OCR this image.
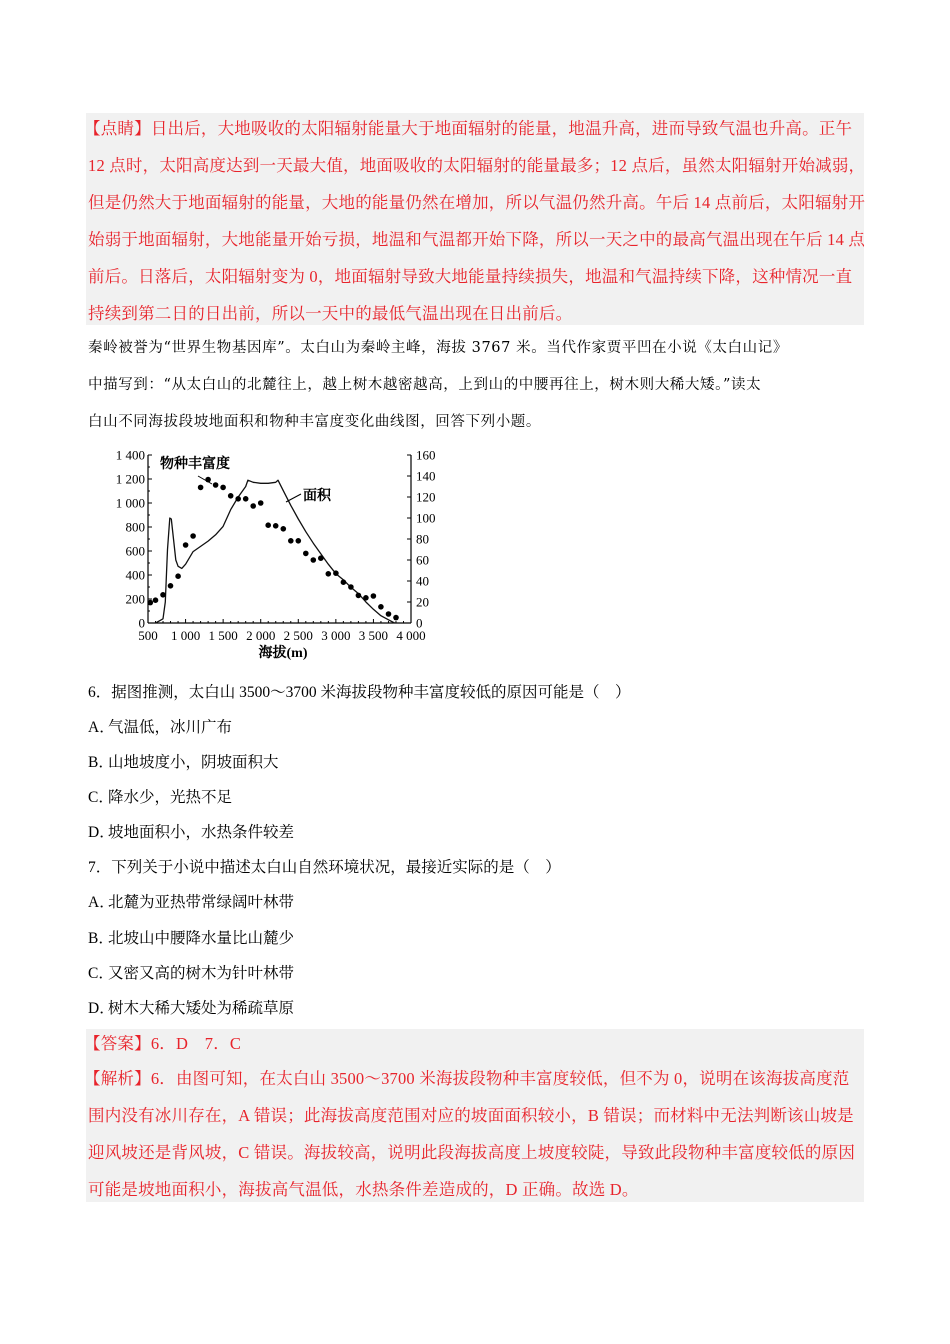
【点睛】日出后，大地吸收的太阳辐射能量大于地面辐射的能量，地温升高，进而导致气温也升高。正午
12 点时，太阳高度达到一天最大值，地面吸收的太阳辐射的能量最多；12 点后，虽然太阳辐射开始减弱，
但是仍然大于地面辐射的能量，大地的能量仍然在增加，所以气温仍然升高。午后 14 点前后，太阳辐射开
始弱于地面辐射，大地能量开始亏损，地温和气温都开始下降，所以一天之中的最高气温出现在午后 14 点
前后。日落后，太阳辐射变为 0，地面辐射导致大地能量持续损失，地温和气温持续下降，这种情况一直
持续到第二日的日出前，所以一天中的最低气温出现在日出前后。
秦岭被誉为“世界生物基因库”。太白山为秦岭主峰，海拔 3767 米。当代作家贾平凹在小说《太白山记》
中描写到：“从太白山的北麓往上，越上树木越密越高，上到山的中腰再往上，树木则大稀大矮。”读太
白山不同海拔段坡地面积和物种丰富度变化曲线图，回答下列小题。
0
200
400
600
800
1 000
1 200
1 400
0
20
40
60
80
100
120
140
160
500 1 000 1 500 2 000 2 500 3 000 3 500 4 000
海拔(m)
物种丰富度
面积
6．据图推测，太白山 3500～3700 米海拔段物种丰富度较低的原因可能是（　）
A．气温低，冰川广布
B．山地坡度小，阴坡面积大
C．降水少，光热不足
D．坡地面积小，水热条件较差
7．下列关于小说中描述太白山自然环境状况，最接近实际的是（　）
A．北麓为亚热带常绿阔叶林带
B．北坡山中腰降水量比山麓少
C．又密又高的树木为针叶林带
D．树木大稀大矮处为稀疏草原
【答案】6．D　7．C
【解析】6．由图可知，在太白山 3500～3700 米海拔段物种丰富度较低，但不为 0，说明在该海拔高度范
围内没有冰川存在，A 错误；此海拔高度范围对应的坡面面积较小，B 错误；而材料中无法判断该山坡是
迎风坡还是背风坡，C 错误。海拔较高，说明此段海拔高度上坡度较陡，导致此段物种丰富度较低的原因
可能是坡地面积小，海拔高气温低，水热条件差造成的，D 正确。故选 D。
